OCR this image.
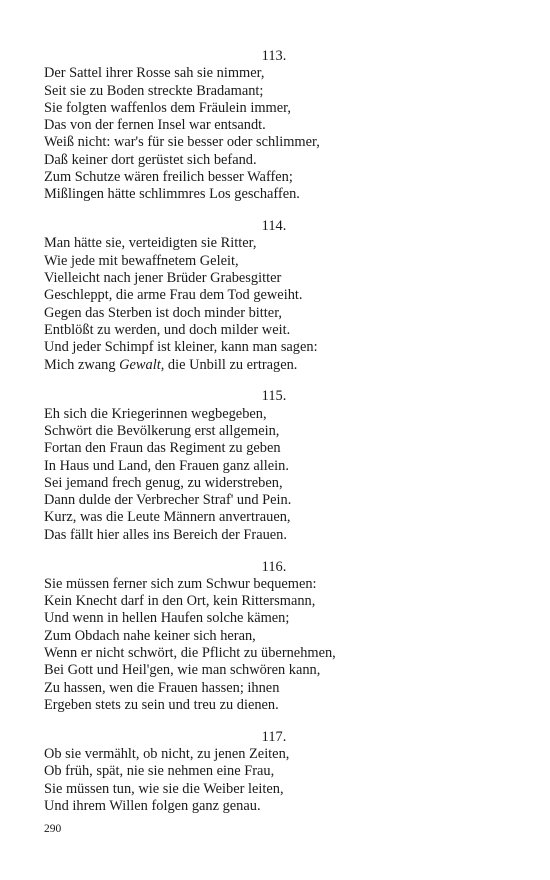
113.
Der Sattel ihrer Rosse sah sie nimmer,
Seit sie zu Boden streckte Bradamant;
Sie folgten waffenlos dem Fräulein immer,
Das von der fernen Insel war entsandt.
Weiß nicht: war's für sie besser oder schlimmer,
Daß keiner dort gerüstet sich befand.
Zum Schutze wären freilich besser Waffen;
Mißlingen hätte schlimmres Los geschaffen.
114.
Man hätte sie, verteidigten sie Ritter,
Wie jede mit bewaffnetem Geleit,
Vielleicht nach jener Brüder Grabesgitter
Geschleppt, die arme Frau dem Tod geweiht.
Gegen das Sterben ist doch minder bitter,
Entblößt zu werden, und doch milder weit.
Und jeder Schimpf ist kleiner, kann man sagen:
Mich zwang Gewalt, die Unbill zu ertragen.
115.
Eh sich die Kriegerinnen wegbegeben,
Schwört die Bevölkerung erst allgemein,
Fortan den Fraun das Regiment zu geben
In Haus und Land, den Frauen ganz allein.
Sei jemand frech genug, zu widerstreben,
Dann dulde der Verbrecher Straf' und Pein.
Kurz, was die Leute Männern anvertrauen,
Das fällt hier alles ins Bereich der Frauen.
116.
Sie müssen ferner sich zum Schwur bequemen:
Kein Knecht darf in den Ort, kein Rittersmann,
Und wenn in hellen Haufen solche kämen;
Zum Obdach nahe keiner sich heran,
Wenn er nicht schwört, die Pflicht zu übernehmen,
Bei Gott und Heil'gen, wie man schwören kann,
Zu hassen, wen die Frauen hassen; ihnen
Ergeben stets zu sein und treu zu dienen.
117.
Ob sie vermählt, ob nicht, zu jenen Zeiten,
Ob früh, spät, nie sie nehmen eine Frau,
Sie müssen tun, wie sie die Weiber leiten,
Und ihrem Willen folgen ganz genau.
290
